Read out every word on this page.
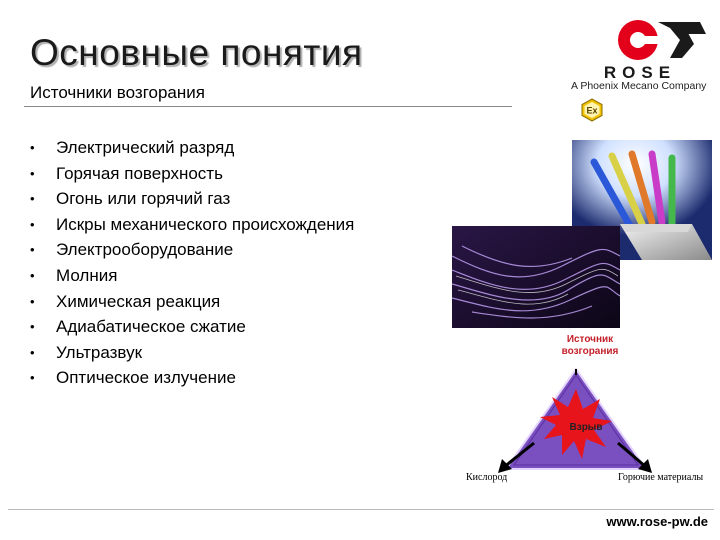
Основные понятия
Источники возгорания
ROSE
A Phoenix Mecano Company
Ex
• Электрический разряд
• Горячая поверхность
• Огонь или горячий газ
• Искры механического происхождения
• Электрооборудование
• Молния
• Химическая реакция
• Адиабатическое сжатие
• Ультразвук
• Оптическое излучение
Источник возгорания
Взрыв
Кислород	Горючие материалы
www.rose-pw.de
